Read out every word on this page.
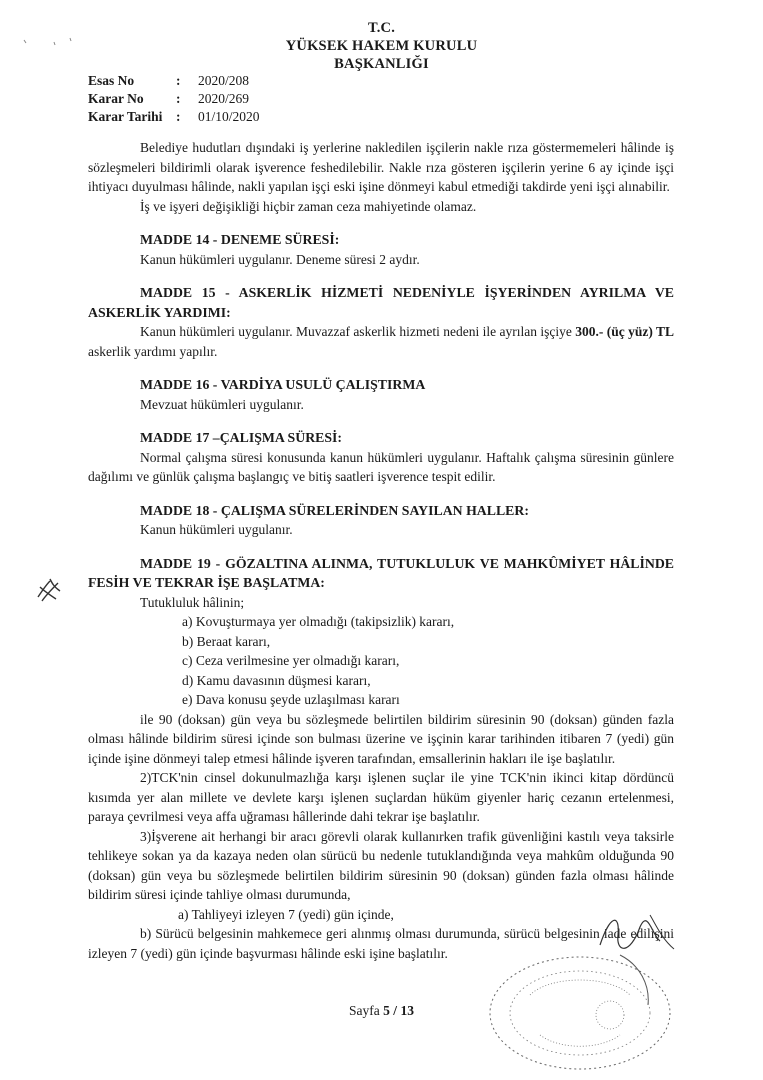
T.C.
YÜKSEK HAKEM KURULU
BAŞKANLIĞI
Esas No	:	2020/208
Karar No	:	2020/269
Karar Tarihi	:	01/10/2020

Belediye hudutları dışındaki iş yerlerine nakledilen işçilerin nakle rıza göstermemeleri hâlinde iş sözleşmeleri bildirimli olarak işverence feshedilebilir. Nakle rıza gösteren işçilerin yerine 6 ay içinde işçi ihtiyacı duyulması hâlinde, nakli yapılan işçi eski işine dönmeyi kabul etmediği takdirde yeni işçi alınabilir.

İş ve işyeri değişikliği hiçbir zaman ceza mahiyetinde olamaz.

MADDE 14 - DENEME SÜRESİ:

Kanun hükümleri uygulanır. Deneme süresi 2 aydır.

MADDE 15 - ASKERLİK HİZMETİ NEDENİYLE İŞYERİNDEN AYRILMA VE ASKERLİK YARDIMI:

Kanun hükümleri uygulanır. Muvazzaf askerlik hizmeti nedeni ile ayrılan işçiye 300.- (üç yüz) TL askerlik yardımı yapılır.

MADDE 16 - VARDİYA USULÜ ÇALIŞTIRMA

Mevzuat hükümleri uygulanır.

MADDE 17 –ÇALIŞMA SÜRESİ:

Normal çalışma süresi konusunda kanun hükümleri uygulanır. Haftalık çalışma süresinin günlere dağılımı ve günlük çalışma başlangıç ve bitiş saatleri işverence tespit edilir.

MADDE 18 - ÇALIŞMA SÜRELERİNDEN SAYILAN HALLER:

Kanun hükümleri uygulanır.

MADDE 19 - GÖZALTINA ALINMA, TUTUKLULUK VE MAHKÛMİYET HÂLİNDE FESİH VE TEKRAR İŞE BAŞLATMA:

Tutukluluk hâlinin;

a) Kovuşturmaya yer olmadığı (takipsizlik) kararı,

b) Beraat kararı,

c) Ceza verilmesine yer olmadığı kararı,

d) Kamu davasının düşmesi kararı,

e) Dava konusu şeyde uzlaşılması kararı

ile 90 (doksan) gün veya bu sözleşmede belirtilen bildirim süresinin 90 (doksan) günden fazla olması hâlinde bildirim süresi içinde son bulması üzerine ve işçinin karar tarihinden itibaren 7 (yedi) gün içinde işine dönmeyi talep etmesi hâlinde işveren tarafından, emsallerinin hakları ile işe başlatılır.

2)TCK'nin cinsel dokunulmazlığa karşı işlenen suçlar ile yine TCK'nin ikinci kitap dördüncü kısımda yer alan millete ve devlete karşı işlenen suçlardan hüküm giyenler hariç cezanın ertelenmesi, paraya çevrilmesi veya affa uğraması hâllerinde dahi tekrar işe başlatılır.

3)İşverene ait herhangi bir aracı görevli olarak kullanırken trafik güvenliğini kastılı veya taksirle tehlikeye sokan ya da kazaya neden olan sürücü bu nedenle tutuklandığında veya mahkûm olduğunda 90 (doksan) gün veya bu sözleşmede belirtilen bildirim süresinin 90 (doksan) günden fazla olması hâlinde bildirim süresi içinde tahliye olması durumunda,

a) Tahliyeyi izleyen 7 (yedi) gün içinde,

b) Sürücü belgesinin mahkemece geri alınmış olması durumunda, sürücü belgesinin iade edilişini izleyen 7 (yedi) gün içinde başvurması hâlinde eski işine başlatılır.

Sayfa 5 / 13
